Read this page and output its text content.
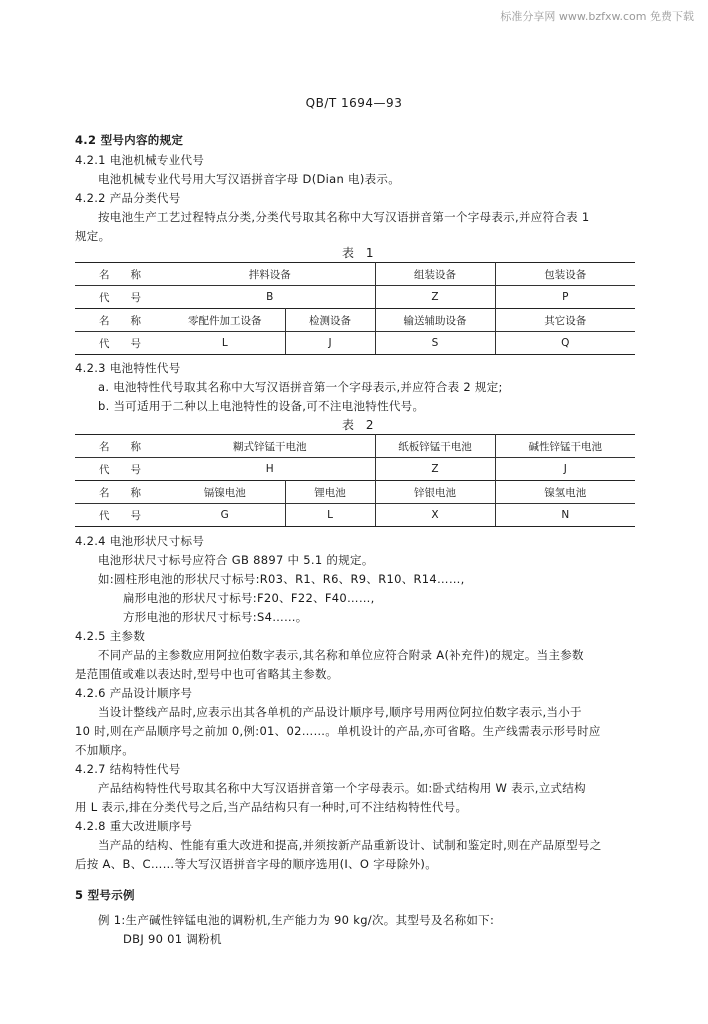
标准分享网 www.bzfxw.com 免费下载
QB/T 1694—93
4.2 型号内容的规定
4.2.1 电池机械专业代号
电池机械专业代号用大写汉语拼音字母 D(Dian 电)表示。
4.2.2 产品分类代号
按电池生产工艺过程特点分类,分类代号取其名称中大写汉语拼音第一个字母表示,并应符合表 1
规定。
表 1
名　　称	拌料设备		组装设备	包装设备
代　　号	B		Z	P
名　　称	零配件加工设备	检测设备	输送辅助设备	其它设备
代　　号	L	J	S	Q
4.2.3 电池特性代号
a. 电池特性代号取其名称中大写汉语拼音第一个字母表示,并应符合表 2 规定;
b. 当可适用于二种以上电池特性的设备,可不注电池特性代号。
表 2
名　　称	糊式锌锰干电池		纸板锌锰干电池	碱性锌锰干电池
代　　号	H		Z	J
名　　称	镉镍电池	锂电池	锌银电池	镍氢电池
代　　号	G	L	X	N
4.2.4 电池形状尺寸标号
电池形状尺寸标号应符合 GB 8897 中 5.1 的规定。
如:圆柱形电池的形状尺寸标号:R03、R1、R6、R9、R10、R14……,
扁形电池的形状尺寸标号:F20、F22、F40……,
方形电池的形状尺寸标号:S4……。
4.2.5 主参数
不同产品的主参数应用阿拉伯数字表示,其名称和单位应符合附录 A(补充件)的规定。当主参数
是范围值或难以表达时,型号中也可省略其主参数。
4.2.6 产品设计顺序号
当设计整线产品时,应表示出其各单机的产品设计顺序号,顺序号用两位阿拉伯数字表示,当小于
10 时,则在产品顺序号之前加 0,例:01、02……。单机设计的产品,亦可省略。生产线需表示形号时应
不加顺序。
4.2.7 结构特性代号
产品结构特性代号取其名称中大写汉语拼音第一个字母表示。如:卧式结构用 W 表示,立式结构
用 L 表示,排在分类代号之后,当产品结构只有一种时,可不注结构特性代号。
4.2.8 重大改进顺序号
当产品的结构、性能有重大改进和提高,并须按新产品重新设计、试制和鉴定时,则在产品原型号之
后按 A、B、C……等大写汉语拼音字母的顺序选用(I、O 字母除外)。
5 型号示例
例 1:生产碱性锌锰电池的调粉机,生产能力为 90 kg/次。其型号及名称如下:
DBJ 90 01 调粉机
